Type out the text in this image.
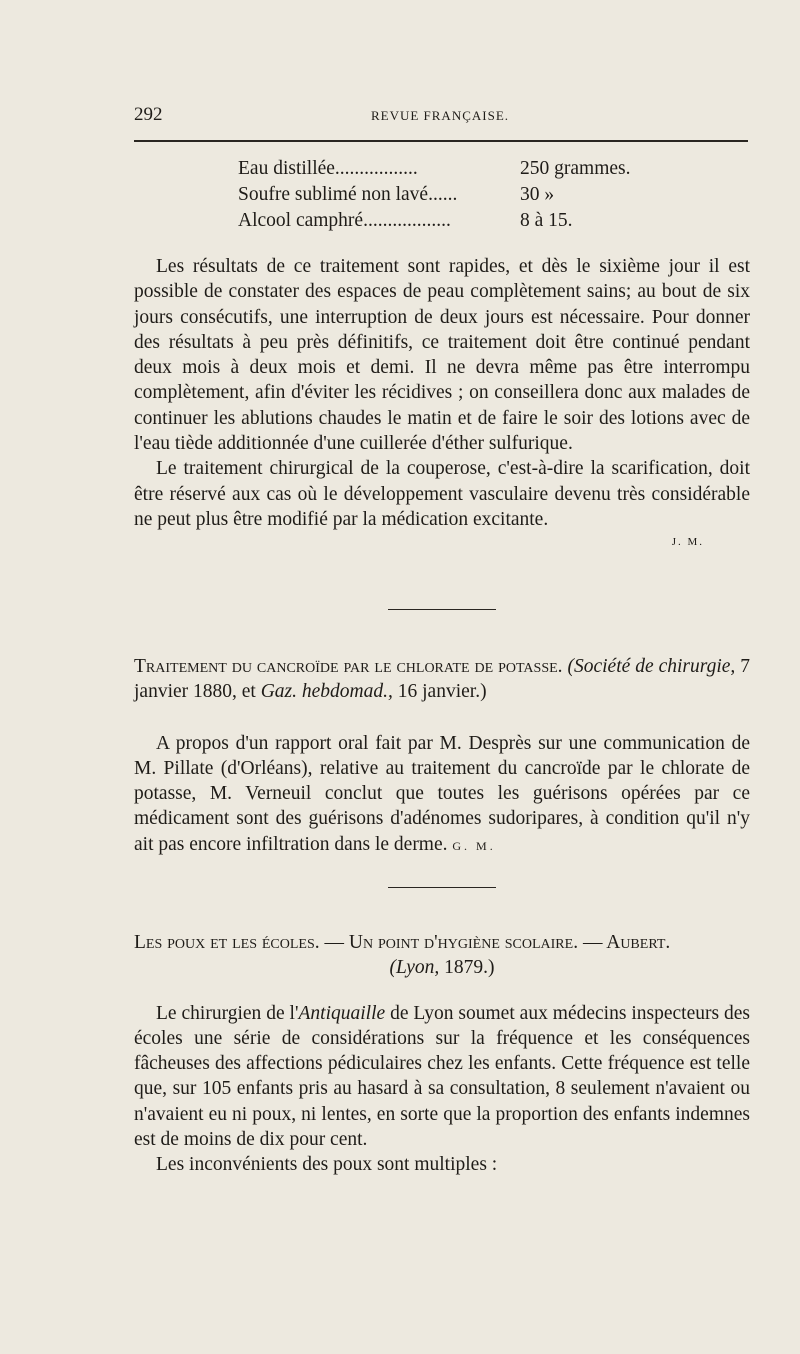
292	REVUE FRANÇAISE.
Eau distillée.................	250 grammes.
Soufre sublimé non lavé......	30 »
Alcool camphré..................	8 à 15.

Les résultats de ce traitement sont rapides, et dès le sixième jour il est possible de constater des espaces de peau complètement sains; au bout de six jours consécutifs, une interruption de deux jours est nécessaire. Pour donner des résultats à peu près définitifs, ce traitement doit être continué pendant deux mois à deux mois et demi. Il ne devra même pas être interrompu complètement, afin d'éviter les récidives ; on conseillera donc aux malades de continuer les ablutions chaudes le matin et de faire le soir des lotions avec de l'eau tiède additionnée d'une cuillerée d'éther sulfurique.

Le traitement chirurgical de la couperose, c'est-à-dire la scarification, doit être réservé aux cas où le développement vasculaire devenu très considérable ne peut plus être modifié par la médication excitante.

J. M.

Traitement du cancroïde par le chlorate de potasse. (Société de chirurgie, 7 janvier 1880, et Gaz. hebdomad., 16 janvier.)

A propos d'un rapport oral fait par M. Desprès sur une communication de M. Pillate (d'Orléans), relative au traitement du cancroïde par le chlorate de potasse, M. Verneuil conclut que toutes les guérisons opérées par ce médicament sont des guérisons d'adénomes sudoripares, à condition qu'il n'y ait pas encore infiltration dans le derme. G. M.

Les poux et les écoles. — Un point d'hygiène scolaire. — Aubert.

(Lyon, 1879.)

Le chirurgien de l'Antiquaille de Lyon soumet aux médecins inspecteurs des écoles une série de considérations sur la fréquence et les conséquences fâcheuses des affections pédiculaires chez les enfants. Cette fréquence est telle que, sur 105 enfants pris au hasard à sa consultation, 8 seulement n'avaient ou n'avaient eu ni poux, ni lentes, en sorte que la proportion des enfants indemnes est de moins de dix pour cent.

Les inconvénients des poux sont multiples :
